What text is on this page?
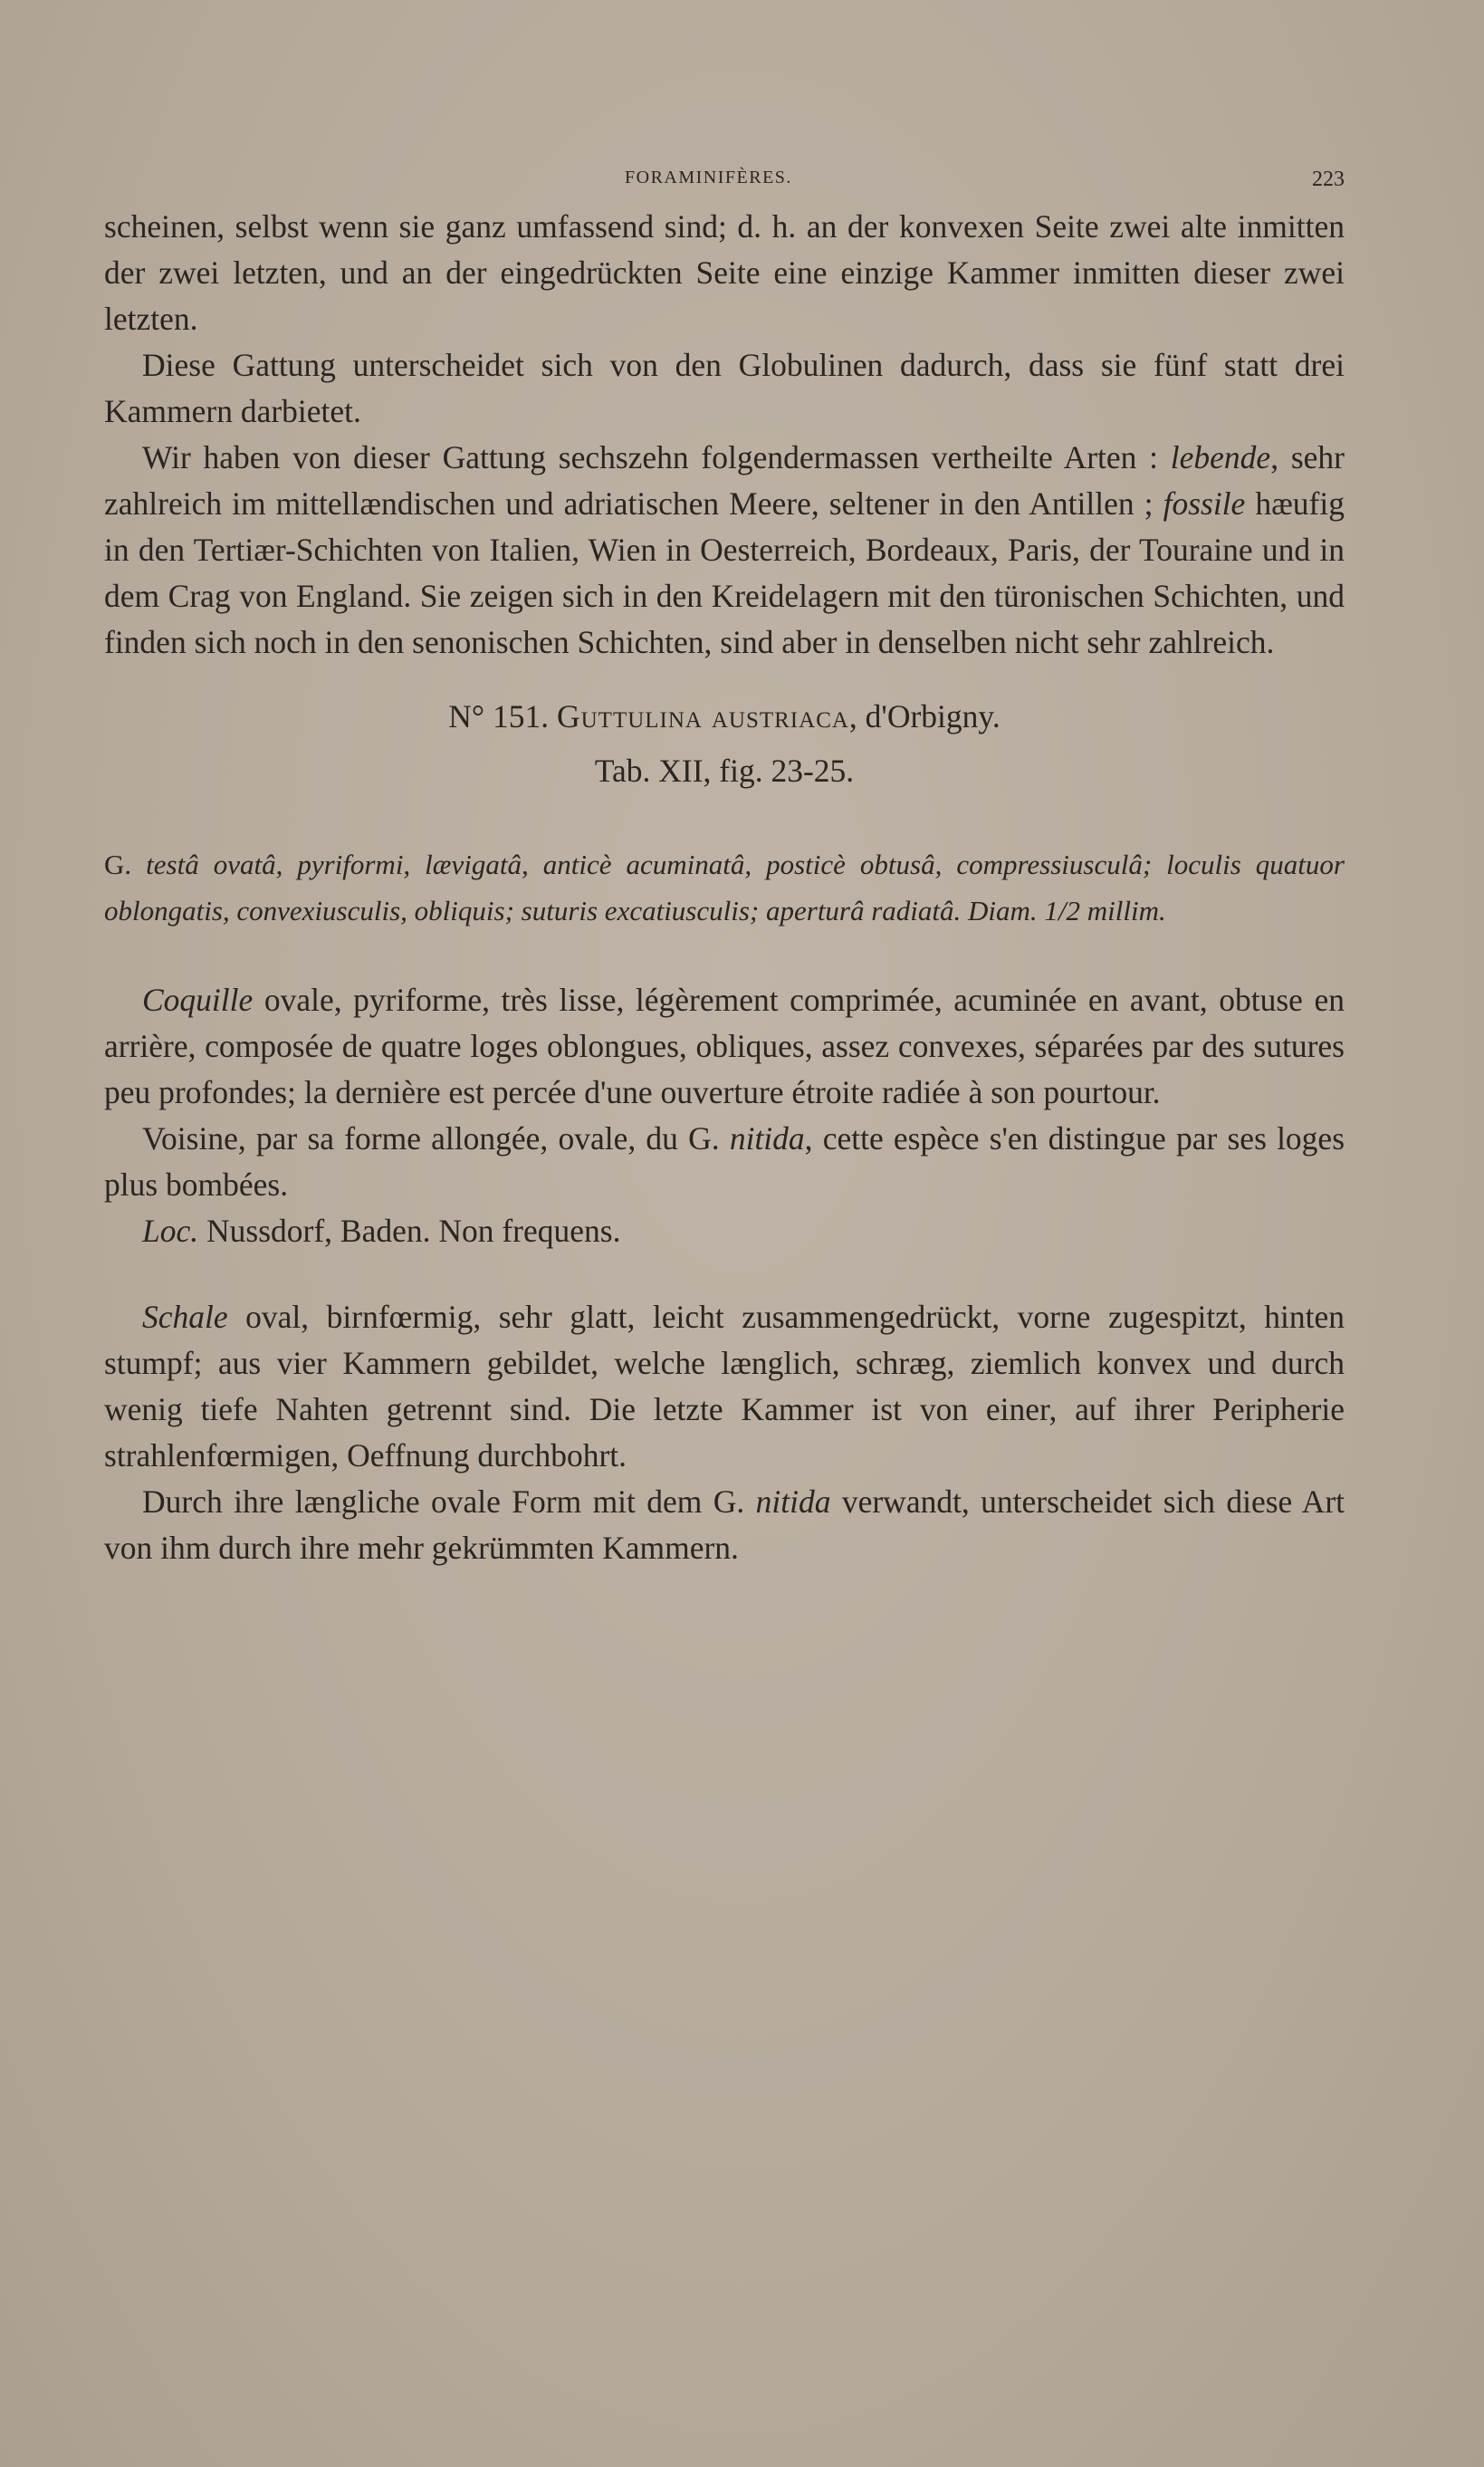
FORAMINIFÈRES.	223

scheinen, selbst wenn sie ganz umfassend sind; d. h. an der konvexen Seite zwei alte inmitten der zwei letzten, und an der eingedrückten Seite eine einzige Kammer inmitten dieser zwei letzten.

Diese Gattung unterscheidet sich von den Globulinen dadurch, dass sie fünf statt drei Kammern darbietet.

Wir haben von dieser Gattung sechszehn folgendermassen vertheilte Arten : lebende, sehr zahlreich im mittellændischen und adriatischen Meere, seltener in den Antillen ; fossile hæufig in den Tertiær-Schichten von Italien, Wien in Oesterreich, Bordeaux, Paris, der Touraine und in dem Crag von England. Sie zeigen sich in den Kreidelagern mit den türonischen Schichten, und finden sich noch in den senonischen Schichten, sind aber in denselben nicht sehr zahlreich.

N° 151. Guttulina austriaca, d'Orbigny.
Tab. XII, fig. 23-25.
G. testâ ovatâ, pyriformi, lævigatâ, anticè acuminatâ, posticè obtusâ, compressiusculâ; loculis quatuor oblongatis, convexiusculis, obliquis; suturis excatiusculis; aperturâ radiatâ. Diam. 1/2 millim.

Coquille ovale, pyriforme, très lisse, légèrement comprimée, acuminée en avant, obtuse en arrière, composée de quatre loges oblongues, obliques, assez convexes, séparées par des sutures peu profondes; la dernière est percée d'une ouverture étroite radiée à son pourtour.

Voisine, par sa forme allongée, ovale, du G. nitida, cette espèce s'en distingue par ses loges plus bombées.

Loc. Nussdorf, Baden. Non frequens.

Schale oval, birnfœrmig, sehr glatt, leicht zusammengedrückt, vorne zugespitzt, hinten stumpf; aus vier Kammern gebildet, welche længlich, schræg, ziemlich konvex und durch wenig tiefe Nahten getrennt sind. Die letzte Kammer ist von einer, auf ihrer Peripherie strahlenfœrmigen, Oeffnung durchbohrt.

Durch ihre længliche ovale Form mit dem G. nitida verwandt, unterscheidet sich diese Art von ihm durch ihre mehr gekrümmten Kammern.
